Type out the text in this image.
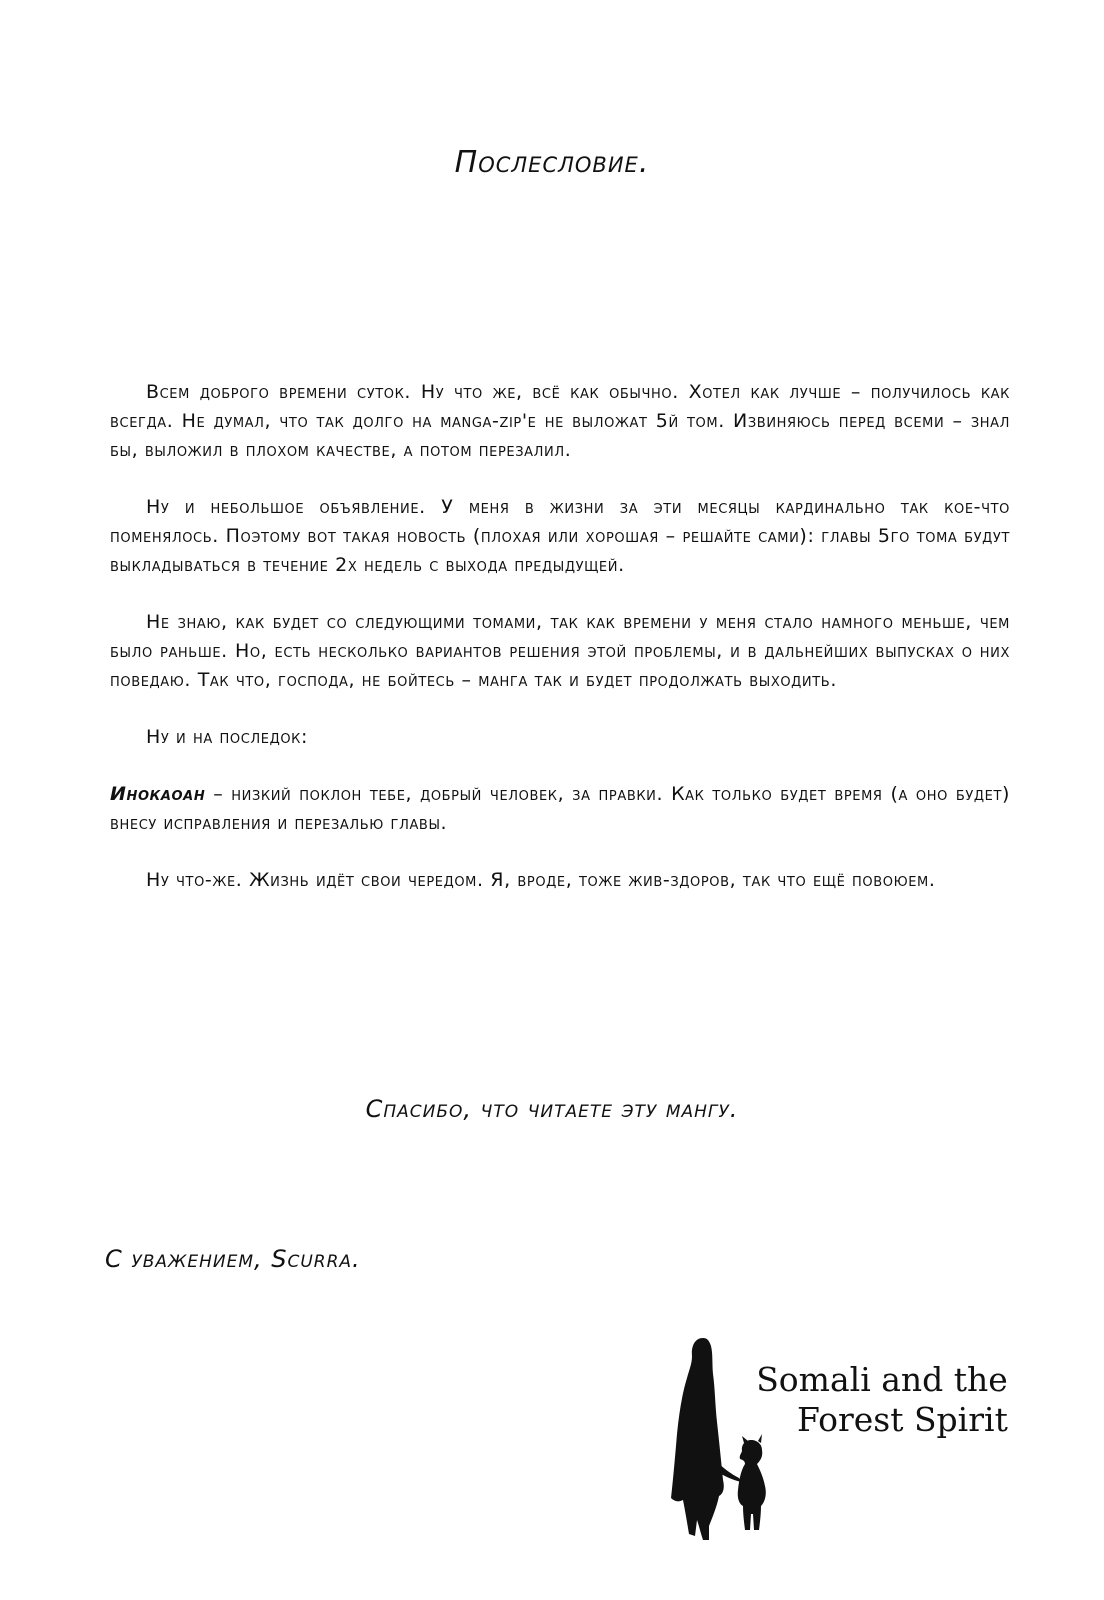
Послесловие.

Всем доброго времени суток. Ну что же, всё как обычно. Хотел как лучше – получилось как всегда. Не думал, что так долго на manga-zip'е не выложат 5й том. Извиняюсь перед всеми – знал бы, выложил в плохом качестве, а потом перезалил.

Ну и небольшое объявление. У меня в жизни за эти месяцы кардинально так кое-что поменялось. Поэтому вот такая новость (плохая или хорошая – решайте сами): главы 5го тома будут выкладываться в течение 2х недель с выхода предыдущей.

Не знаю, как будет со следующими томами, так как времени у меня стало намного меньше, чем было раньше. Но, есть несколько вариантов решения этой проблемы, и в дальнейших выпусках о них поведаю. Так что, господа, не бойтесь – манга так и будет продолжать выходить.

Ну и на последок:

Инокаоан – низкий поклон тебе, добрый человек, за правки. Как только будет время (а оно будет) внесу исправления и перезалью главы.

Ну что-же. Жизнь идёт свои чередом. Я, вроде, тоже жив-здоров, так что ещё повоюем.

Спасибо, что читаете эту мангу.
С уважением, Scurra.
Somali and the
Forest Spirit
